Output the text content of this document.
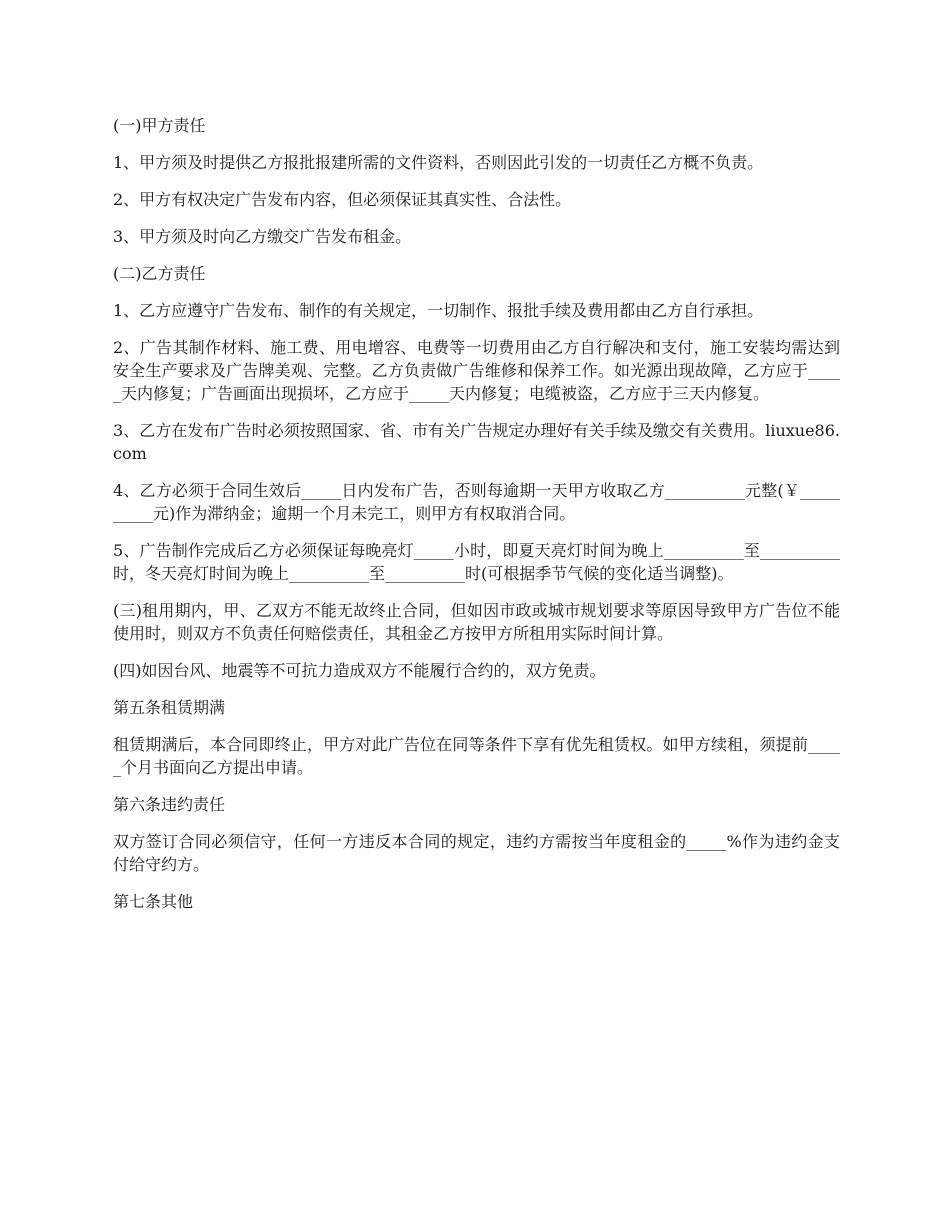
(一)甲方责任

1、甲方须及时提供乙方报批报建所需的文件资料，否则因此引发的一切责任乙方概不负责。

2、甲方有权决定广告发布内容，但必须保证其真实性、合法性。

3、甲方须及时向乙方缴交广告发布租金。

(二)乙方责任

1、乙方应遵守广告发布、制作的有关规定，一切制作、报批手续及费用都由乙方自行承担。

2、广告其制作材料、施工费、用电增容、电费等一切费用由乙方自行解决和支付，施工安装均需达到安全生产要求及广告牌美观、完整。乙方负责做广告维修和保养工作。如光源出现故障，乙方应于_____天内修复；广告画面出现损坏，乙方应于_____天内修复；电缆被盗，乙方应于三天内修复。

3、乙方在发布广告时必须按照国家、省、市有关广告规定办理好有关手续及缴交有关费用。liuxue86.com

4、乙方必须于合同生效后_____日内发布广告，否则每逾期一天甲方收取乙方__________元整(￥__________元)作为滞纳金；逾期一个月未完工，则甲方有权取消合同。

5、广告制作完成后乙方必须保证每晚亮灯_____小时，即夏天亮灯时间为晚上__________至__________时，冬天亮灯时间为晚上__________至__________时(可根据季节气候的变化适当调整)。

(三)租用期内，甲、乙双方不能无故终止合同，但如因市政或城市规划要求等原因导致甲方广告位不能使用时，则双方不负责任何赔偿责任，其租金乙方按甲方所租用实际时间计算。

(四)如因台风、地震等不可抗力造成双方不能履行合约的，双方免责。

第五条租赁期满

租赁期满后，本合同即终止，甲方对此广告位在同等条件下享有优先租赁权。如甲方续租，须提前_____个月书面向乙方提出申请。

第六条违约责任

双方签订合同必须信守，任何一方违反本合同的规定，违约方需按当年度租金的_____%作为违约金支付给守约方。

第七条其他
